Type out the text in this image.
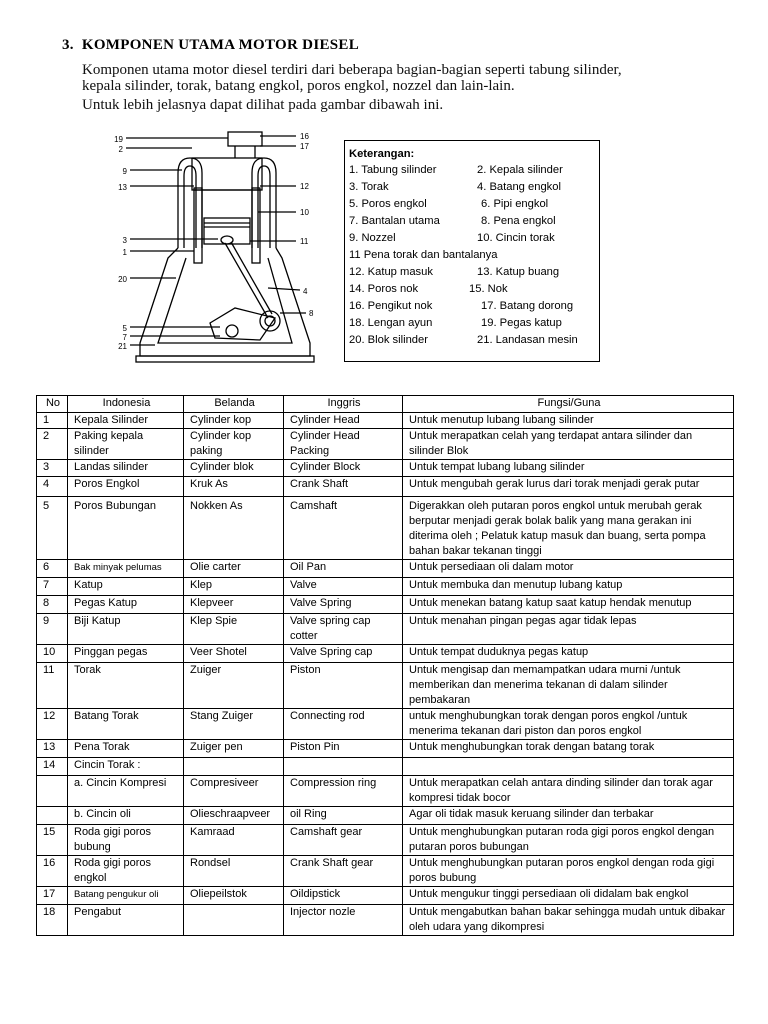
3. KOMPONEN UTAMA MOTOR DIESEL

Komponen utama motor diesel terdiri dari beberapa bagian-bagian seperti tabung silinder, kepala silinder, torak, batang engkol, poros engkol, nozzel dan lain-lain.

Untuk lebih jelasnya dapat dilihat pada gambar dibawah ini.

19
2
9
13
3
1
20
5
7
21
16
17
12
10
11
4
8
Keterangan:
1. Tabung silinder	2. Kepala silinder
3. Torak	4. Batang engkol
5. Poros engkol	6. Pipi engkol
7. Bantalan utama	8. Pena engkol
9. Nozzel	10. Cincin torak
11 Pena torak dan bantalanya
12. Katup masuk	13. Katup buang
14. Poros nok	15. Nok
16. Pengikut nok	17. Batang dorong
18. Lengan ayun	19. Pegas katup
20. Blok silinder	21. Landasan mesin
No	Indonesia	Belanda	Inggris	Fungsi/Guna
1	Kepala Silinder	Cylinder kop	Cylinder Head	Untuk menutup lubang lubang silinder
2	Paking kepala silinder	Cylinder kop paking	Cylinder Head Packing	Untuk merapatkan celah yang terdapat antara silinder dan silinder Blok
3	Landas silinder	Cylinder blok	Cylinder Block	Untuk tempat lubang lubang silinder
4	Poros Engkol	Kruk As	Crank Shaft	Untuk mengubah gerak lurus dari torak menjadi gerak putar
5	Poros Bubungan	Nokken As	Camshaft	Digerakkan oleh putaran poros engkol untuk merubah gerak berputar menjadi gerak bolak balik yang mana gerakan ini diterima oleh ; Pelatuk katup masuk dan buang, serta pompa bahan bakar tekanan tinggi
6	Bak minyak pelumas	Olie carter	Oil Pan	Untuk persediaan oli dalam motor
7	Katup	Klep	Valve	Untuk membuka dan menutup lubang katup
8	Pegas Katup	Klepveer	Valve Spring	Untuk menekan batang katup saat katup hendak menutup
9	Biji Katup	Klep Spie	Valve spring cap cotter	Untuk menahan pingan pegas agar tidak lepas
10	Pinggan pegas	Veer Shotel	Valve Spring cap	Untuk tempat duduknya pegas katup
11	Torak	Zuiger	Piston	Untuk mengisap dan memampatkan udara murni /untuk memberikan dan menerima tekanan di dalam silinder pembakaran
12	Batang Torak	Stang Zuiger	Connecting rod	untuk menghubungkan torak dengan poros engkol /untuk menerima tekanan dari piston dan poros engkol
13	Pena Torak	Zuiger pen	Piston Pin	Untuk menghubungkan torak dengan batang torak
14	Cincin Torak :			
	a. Cincin Kompresi	Compresiveer	Compression ring	Untuk merapatkan celah antara dinding silinder dan torak agar kompresi tidak bocor
	b. Cincin oli	Olieschraapveer	oil Ring	Agar oli tidak masuk keruang silinder dan terbakar
15	Roda gigi poros bubung	Kamraad	Camshaft gear	Untuk menghubungkan putaran roda gigi poros engkol dengan putaran poros bubungan
16	Roda gigi poros engkol	Rondsel	Crank Shaft gear	Untuk menghubungkan putaran poros engkol dengan roda gigi poros bubung
17	Batang pengukur oli	Oliepeilstok	Oildipstick	Untuk mengukur tinggi persediaan oli didalam bak engkol
18	Pengabut		Injector nozle	Untuk mengabutkan bahan bakar sehingga mudah untuk dibakar oleh udara yang dikompresi
